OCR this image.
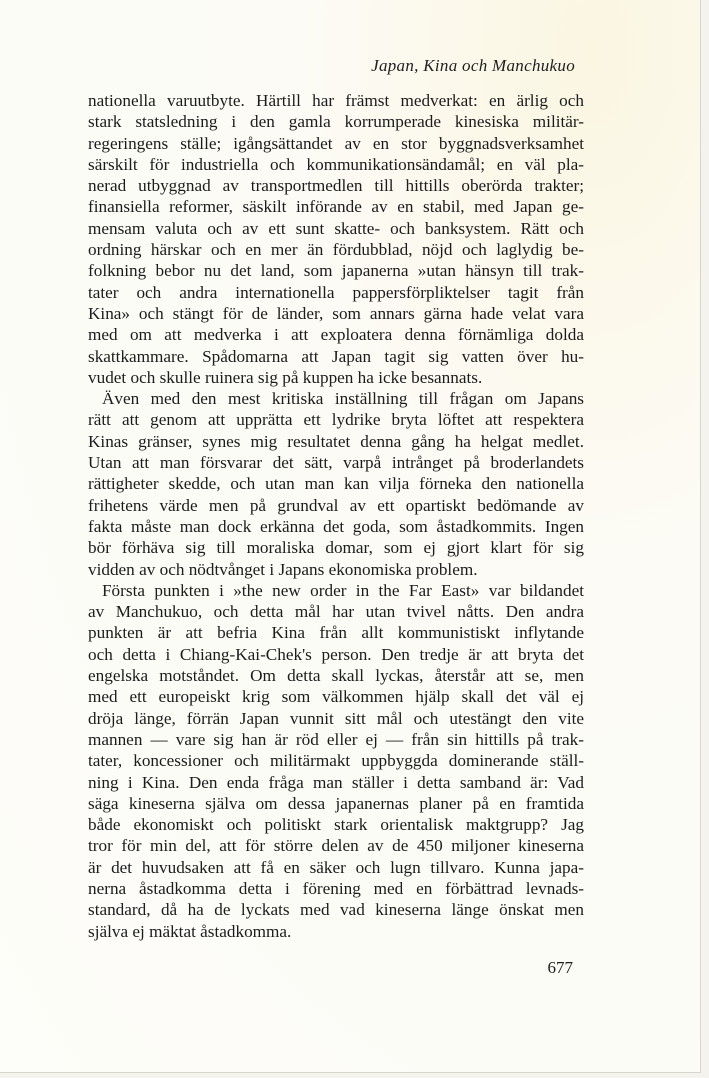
Japan, Kina och Manchukuo
nationella varuutbyte. Härtill har främst medverkat: en ärlig och
stark statsledning i den gamla korrumperade kinesiska militär-
regeringens ställe; igångsättandet av en stor byggnadsverksamhet
särskilt för industriella och kommunikationsändamål; en väl pla-
nerad utbyggnad av transportmedlen till hittills oberörda trakter;
finansiella reformer, säskilt införande av en stabil, med Japan ge-
mensam valuta och av ett sunt skatte- och banksystem. Rätt och
ordning härskar och en mer än fördubblad, nöjd och laglydig be-
folkning bebor nu det land, som japanerna »utan hänsyn till trak-
tater och andra internationella pappersförpliktelser tagit från
Kina» och stängt för de länder, som annars gärna hade velat vara
med om att medverka i att exploatera denna förnämliga dolda
skattkammare. Spådomarna att Japan tagit sig vatten över hu-
vudet och skulle ruinera sig på kuppen ha icke besannats.
Även med den mest kritiska inställning till frågan om Japans
rätt att genom att upprätta ett lydrike bryta löftet att respektera
Kinas gränser, synes mig resultatet denna gång ha helgat medlet.
Utan att man försvarar det sätt, varpå intrånget på broderlandets
rättigheter skedde, och utan man kan vilja förneka den nationella
frihetens värde men på grundval av ett opartiskt bedömande av
fakta måste man dock erkänna det goda, som åstadkommits. Ingen
bör förhäva sig till moraliska domar, som ej gjort klart för sig
vidden av och nödtvånget i Japans ekonomiska problem.
Första punkten i »the new order in the Far East» var bildandet
av Manchukuo, och detta mål har utan tvivel nåtts. Den andra
punkten är att befria Kina från allt kommunistiskt inflytande
och detta i Chiang-Kai-Chek's person. Den tredje är att bryta det
engelska motståndet. Om detta skall lyckas, återstår att se, men
med ett europeiskt krig som välkommen hjälp skall det väl ej
dröja länge, förrän Japan vunnit sitt mål och utestängt den vite
mannen — vare sig han är röd eller ej — från sin hittills på trak-
tater, koncessioner och militärmakt uppbyggda dominerande ställ-
ning i Kina. Den enda fråga man ställer i detta samband är: Vad
säga kineserna själva om dessa japanernas planer på en framtida
både ekonomiskt och politiskt stark orientalisk maktgrupp? Jag
tror för min del, att för större delen av de 450 miljoner kineserna
är det huvudsaken att få en säker och lugn tillvaro. Kunna japa-
nerna åstadkomma detta i förening med en förbättrad levnads-
standard, då ha de lyckats med vad kineserna länge önskat men
själva ej mäktat åstadkomma.
677
